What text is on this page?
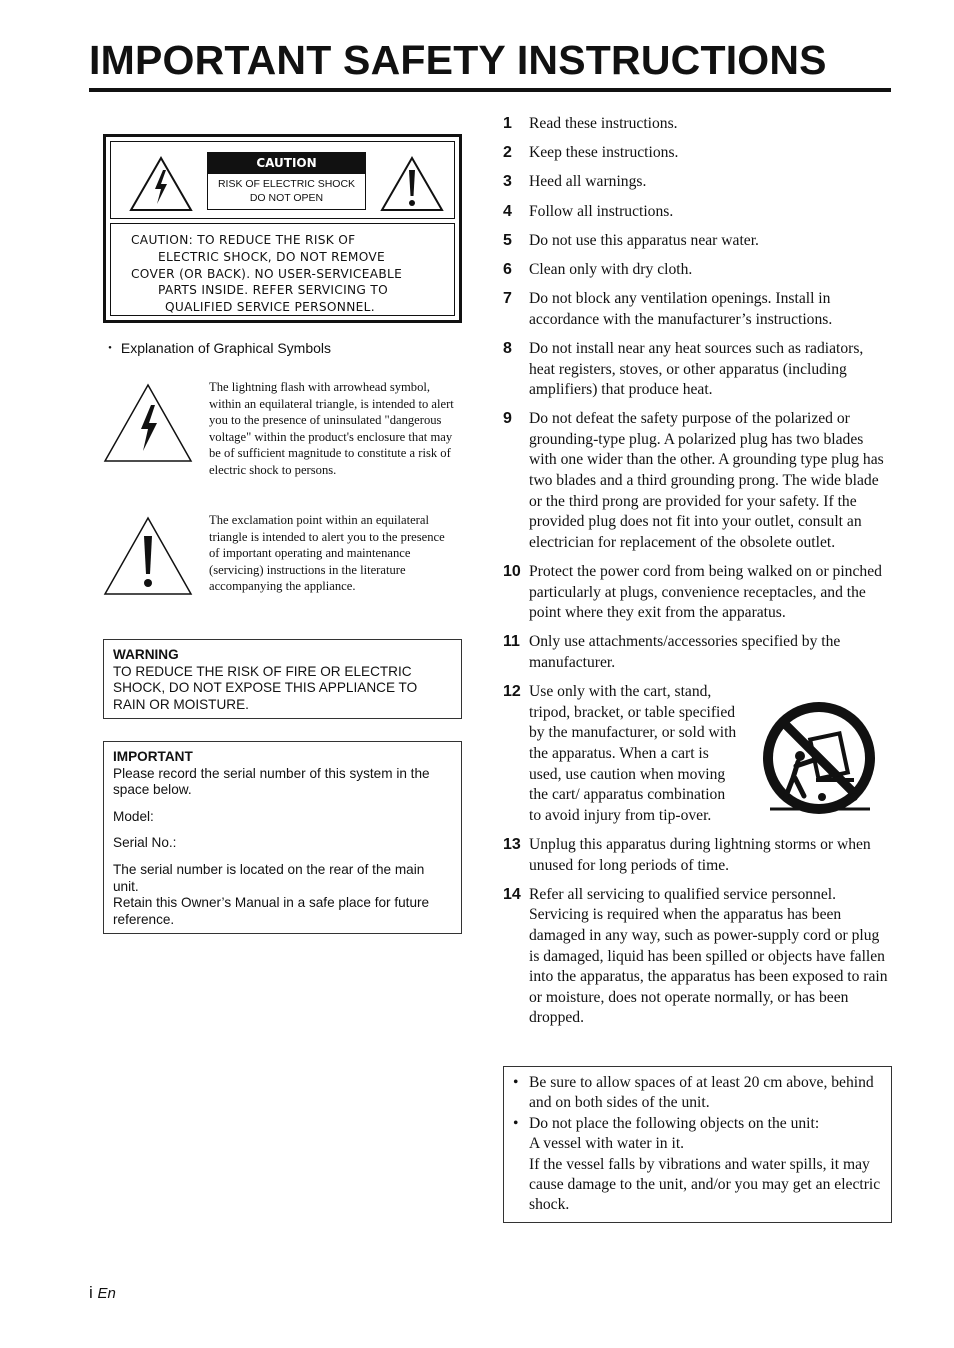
IMPORTANT SAFETY INSTRUCTIONS
CAUTION
RISK OF ELECTRIC SHOCK
DO NOT OPEN
CAUTION: TO REDUCE THE RISK OF
ELECTRIC SHOCK, DO NOT REMOVE
COVER (OR BACK). NO USER-SERVICEABLE
PARTS INSIDE. REFER SERVICING TO
QUALIFIED SERVICE PERSONNEL.
・ Explanation of Graphical Symbols
The lightning flash with arrowhead symbol, within an equilateral triangle, is intended to alert you to the presence of uninsulated "dangerous voltage" within the product's enclosure that may be of sufficient magnitude to constitute a risk of electric shock to persons.
The exclamation point within an equilateral triangle is intended to alert you to the presence of important operating and maintenance (servicing) instructions in the literature accompanying the appliance.

WARNING

TO REDUCE THE RISK OF FIRE OR ELECTRIC SHOCK, DO NOT EXPOSE THIS APPLIANCE TO RAIN OR MOISTURE.

IMPORTANT

Please record the serial number of this system in the space below.

Model:

Serial No.:

The serial number is located on the rear of the main unit.

Retain this Owner’s Manual in a safe place for future reference.

1 Read these instructions.
2 Keep these instructions.
3 Heed all warnings.
4 Follow all instructions.
5 Do not use this apparatus near water.
6 Clean only with dry cloth.
7 Do not block any ventilation openings. Install in accordance with the manufacturer’s instructions.
8 Do not install near any heat sources such as radiators, heat registers, stoves, or other apparatus (including amplifiers) that produce heat.
9 Do not defeat the safety purpose of the polarized or grounding-type plug. A polarized plug has two blades with one wider than the other. A grounding type plug has two blades and a third grounding prong. The wide blade or the third prong are provided for your safety. If the provided plug does not fit into your outlet, consult an electrician for replacement of the obsolete outlet.
10 Protect the power cord from being walked on or pinched particularly at plugs, convenience receptacles, and the point where they exit from the apparatus.
11 Only use attachments/accessories specified by the manufacturer.
12 Use only with the cart, stand, tripod, bracket, or table specified by the manufacturer, or sold with the apparatus. When a cart is used, use caution when moving the cart/ apparatus combination to avoid injury from tip-over.
13 Unplug this apparatus during lightning storms or when unused for long periods of time.
14 Refer all servicing to qualified service personnel. Servicing is required when the apparatus has been damaged in any way, such as power-supply cord or plug is damaged, liquid has been spilled or objects have fallen into the apparatus, the apparatus has been exposed to rain or moisture, does not operate normally, or has been dropped.
• Be sure to allow spaces of at least 20 cm above, behind and on both sides of the unit.
• Do not place the following objects on the unit:
A vessel with water in it.
If the vessel falls by vibrations and water spills, it may cause damage to the unit, and/or you may get an electric shock.
i En
